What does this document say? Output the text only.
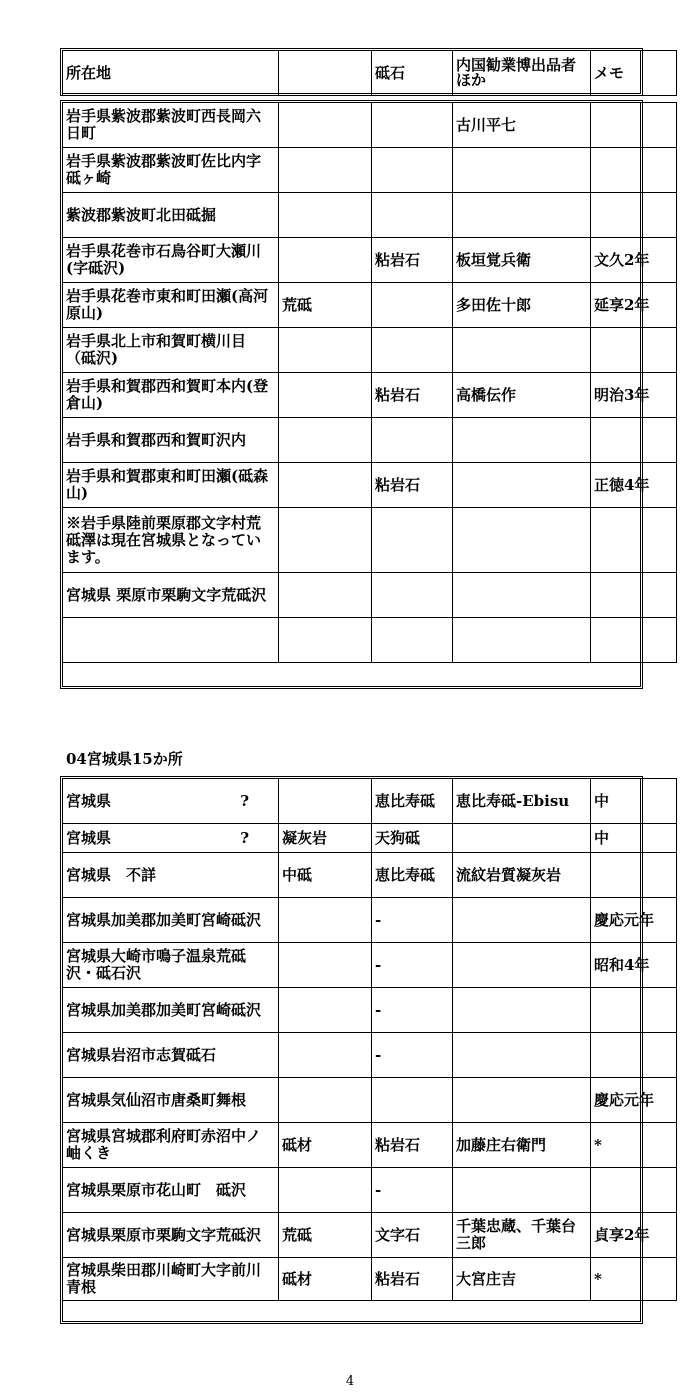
所在地		砥石	内国勧業博出品者ほか	メモ
岩手県紫波郡紫波町西長岡六日町			古川平七	
岩手県紫波郡紫波町佐比内字砥ヶ崎				
紫波郡紫波町北田砥掘				
岩手県花巻市石鳥谷町大瀬川(字砥沢)		粘岩石	板垣覚兵衛	文久2年
岩手県花巻市東和町田瀬(高河原山)	荒砥		多田佐十郎	延享2年
岩手県北上市和賀町横川目（砥沢)				
岩手県和賀郡西和賀町本内(登倉山)		粘岩石	高橋伝作	明治3年
岩手県和賀郡西和賀町沢内				
岩手県和賀郡東和町田瀬(砥森山)		粘岩石		正徳4年
※岩手県陸前栗原郡文字村荒砥澤は現在宮城県となっています。				
宮城県 栗原市栗駒文字荒砥沢				

04宮城県15か所
宮城県 ?		恵比寿砥	恵比寿砥-Ebisu	中
宮城県 ?	凝灰岩	天狗砥		中
宮城県　不詳	中砥	恵比寿砥	流紋岩質凝灰岩	
宮城県加美郡加美町宮崎砥沢		-		慶応元年
宮城県大崎市鳴子温泉荒砥沢・砥石沢		-		昭和4年
宮城県加美郡加美町宮崎砥沢		-		
宮城県岩沼市志賀砥石		-		
宮城県気仙沼市唐桑町舞根				慶応元年
宮城県宮城郡利府町赤沼中ノ岫くき	砥材	粘岩石	加藤庄右衛門	*
宮城県栗原市花山町　砥沢		-		
宮城県栗原市栗駒文字荒砥沢	荒砥	文字石	千葉忠蔵、千葉台三郎	貞享2年
宮城県柴田郡川崎町大字前川青根	砥材	粘岩石	大宮庄吉	*
4
